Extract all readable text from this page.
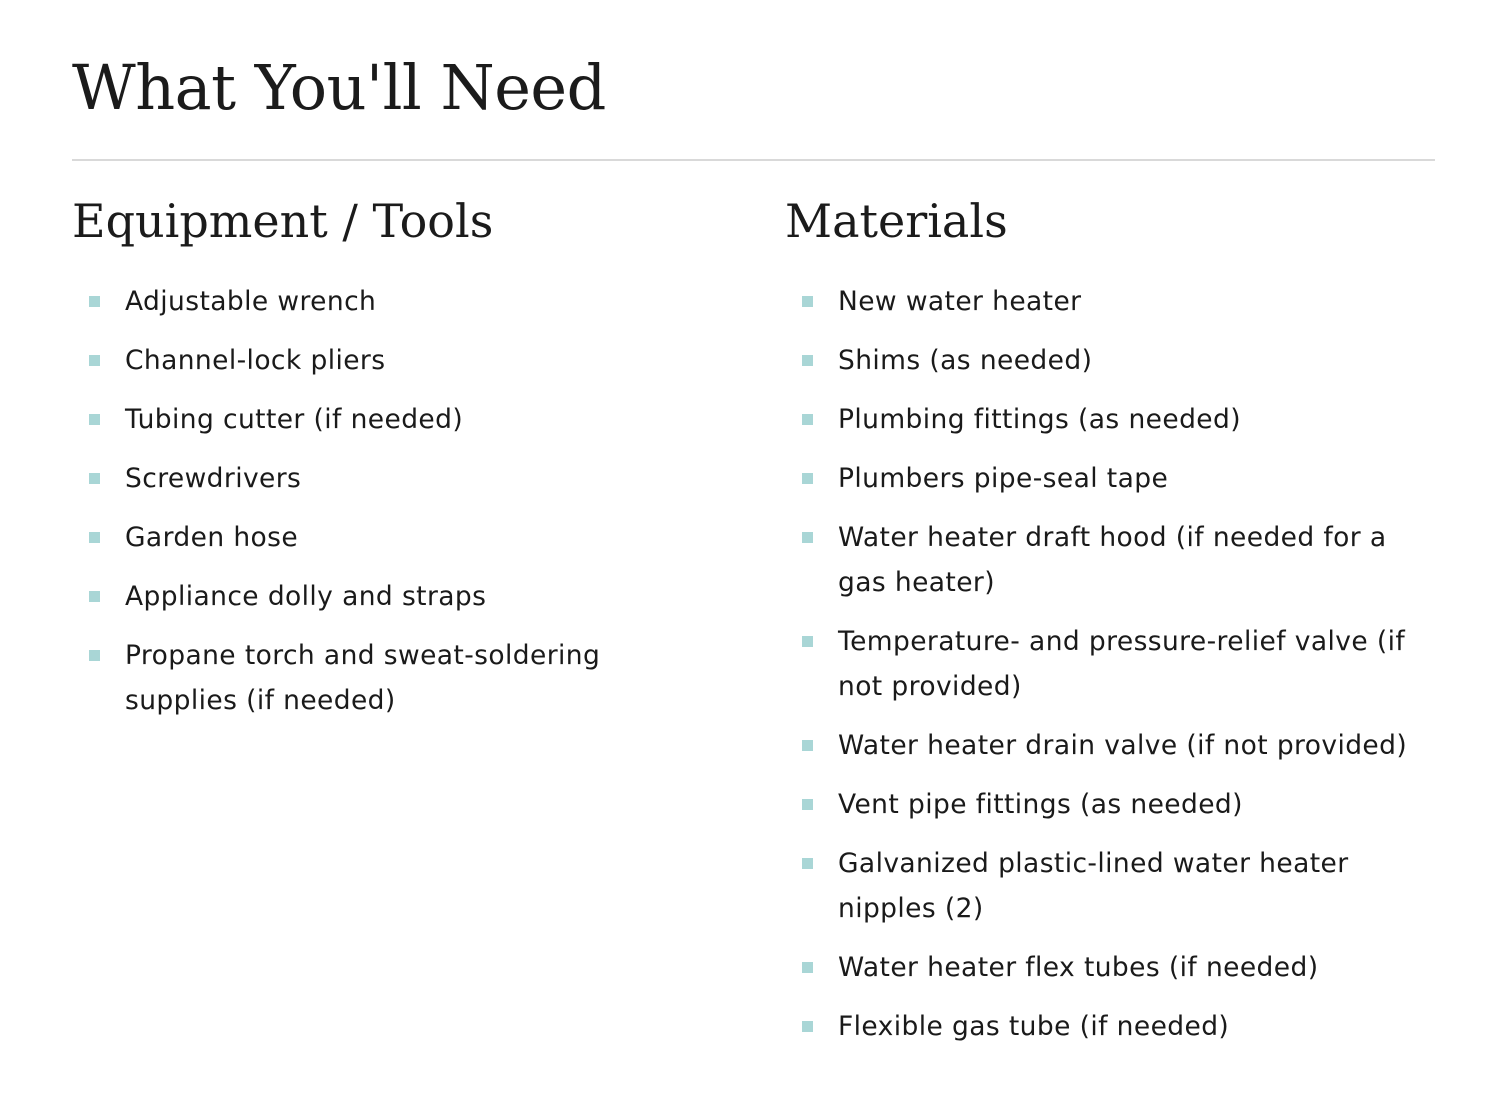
What You'll Need
Equipment / Tools
Adjustable wrench
Channel-lock pliers
Tubing cutter (if needed)
Screwdrivers
Garden hose
Appliance dolly and straps
Propane torch and sweat-soldering supplies (if needed)
Materials
New water heater
Shims (as needed)
Plumbing fittings (as needed)
Plumbers pipe-seal tape
Water heater draft hood (if needed for a gas heater)
Temperature- and pressure-relief valve (if not provided)
Water heater drain valve (if not provided)
Vent pipe fittings (as needed)
Galvanized plastic-lined water heater nipples (2)
Water heater flex tubes (if needed)
Flexible gas tube (if needed)
